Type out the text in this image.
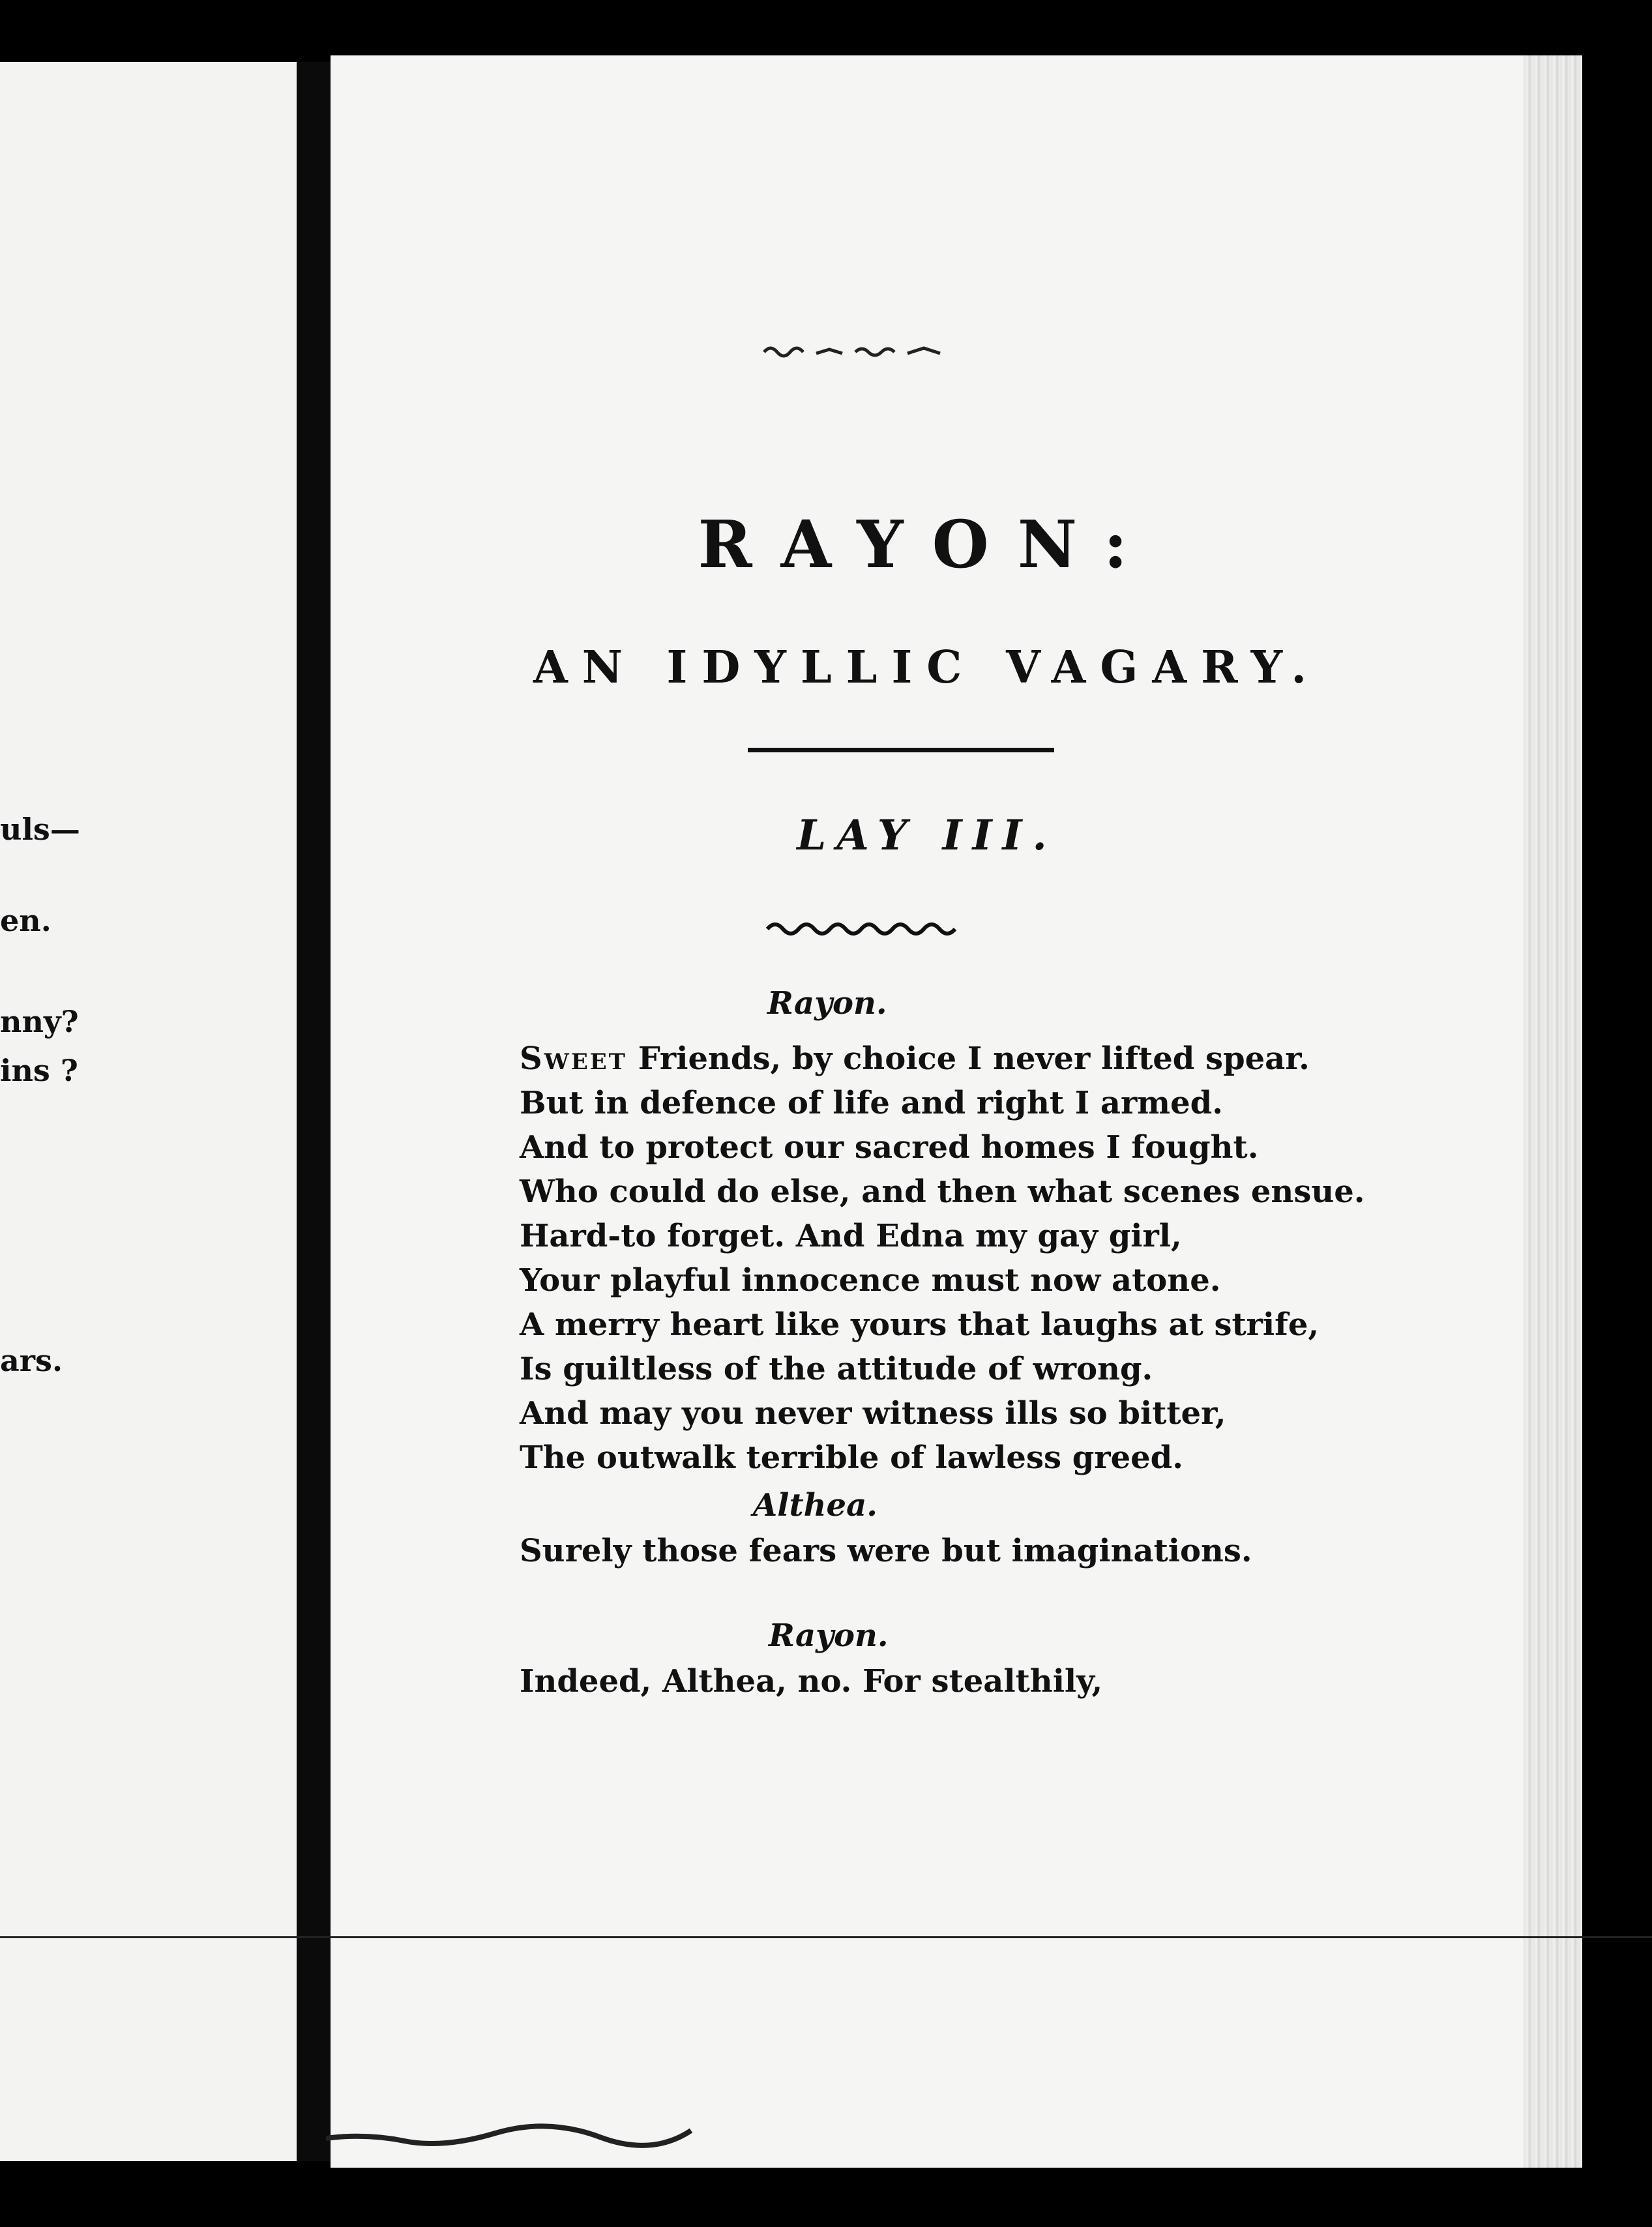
uls—
en.
nny?
ins ?
ars.
RAYON:
AN IDYLLIC VAGARY.
LAY III.
Rayon.
Sweet Friends, by choice I never lifted spear.
But in defence of life and right I armed.
And to protect our sacred homes I fought.
Who could do else, and then what scenes ensue.
Hard-to forget. And Edna my gay girl,
Your playful innocence must now atone.
A merry heart like yours that laughs at strife,
Is guiltless of the attitude of wrong.
And may you never witness ills so bitter,
The outwalk terrible of lawless greed.
Althea.
Surely those fears were but imaginations.
Rayon.
Indeed, Althea, no. For stealthily,
